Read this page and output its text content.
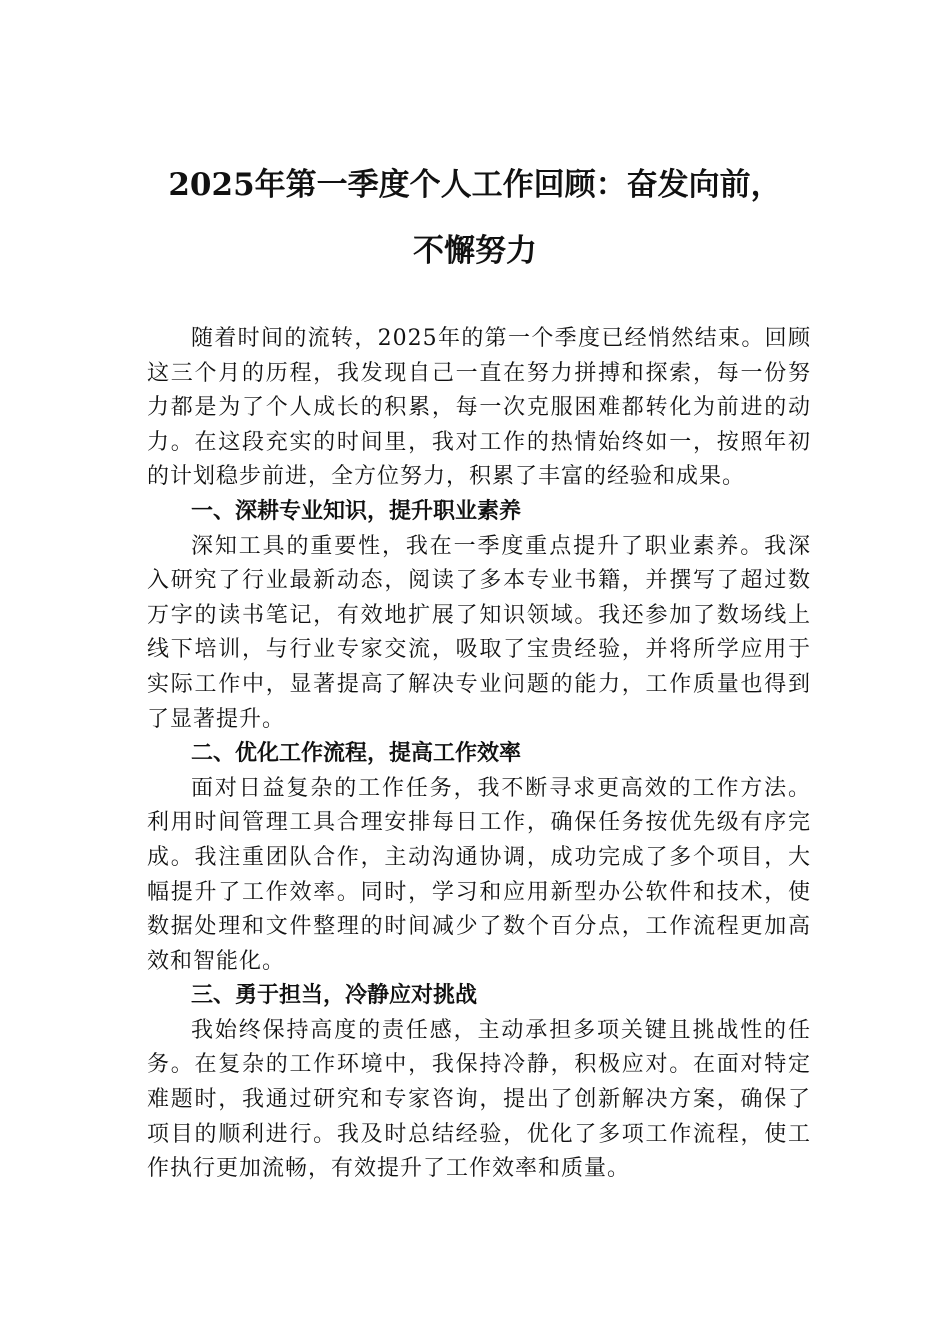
2025年第一季度个人工作回顾：奋发向前，
不懈努力

随着时间的流转，2025年的第一个季度已经悄然结束。回顾这三个月的历程，我发现自己一直在努力拼搏和探索，每一份努力都是为了个人成长的积累，每一次克服困难都转化为前进的动力。在这段充实的时间里，我对工作的热情始终如一，按照年初的计划稳步前进，全方位努力，积累了丰富的经验和成果。

一、深耕专业知识，提升职业素养

深知工具的重要性，我在一季度重点提升了职业素养。我深入研究了行业最新动态，阅读了多本专业书籍，并撰写了超过数万字的读书笔记，有效地扩展了知识领域。我还参加了数场线上线下培训，与行业专家交流，吸取了宝贵经验，并将所学应用于实际工作中，显著提高了解决专业问题的能力，工作质量也得到了显著提升。

二、优化工作流程，提高工作效率

面对日益复杂的工作任务，我不断寻求更高效的工作方法。利用时间管理工具合理安排每日工作，确保任务按优先级有序完成。我注重团队合作，主动沟通协调，成功完成了多个项目，大幅提升了工作效率。同时，学习和应用新型办公软件和技术，使数据处理和文件整理的时间减少了数个百分点，工作流程更加高效和智能化。

三、勇于担当，冷静应对挑战

我始终保持高度的责任感，主动承担多项关键且挑战性的任务。在复杂的工作环境中，我保持冷静，积极应对。在面对特定难题时，我通过研究和专家咨询，提出了创新解决方案，确保了项目的顺利进行。我及时总结经验，优化了多项工作流程，使工作执行更加流畅，有效提升了工作效率和质量。
